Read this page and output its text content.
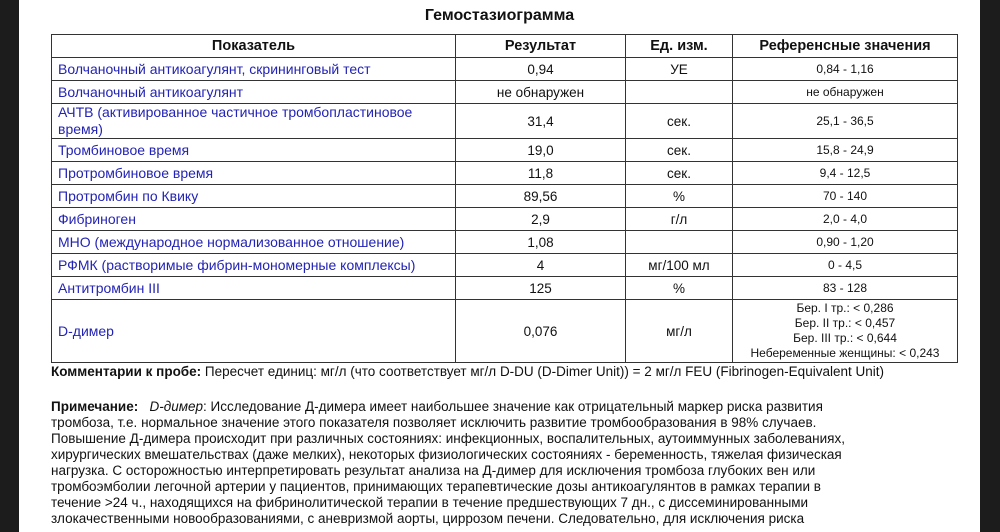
Гемостазиограмма
Показатель	Результат	Ед. изм.	Референсные значения
Волчаночный антикоагулянт, скрининговый тест	0,94	УЕ	0,84 - 1,16
Волчаночный антикоагулянт	не обнаружен		не обнаружен
АЧТВ (активированное частичное тромбопластиновое время)	31,4	сек.	25,1 - 36,5
Тромбиновое время	19,0	сек.	15,8 - 24,9
Протромбиновое время	11,8	сек.	9,4 - 12,5
Протромбин по Квику	89,56	%	70 - 140
Фибриноген	2,9	г/л	2,0 - 4,0
МНО (международное нормализованное отношение)	1,08		0,90 - 1,20
РФМК (растворимые фибрин-мономерные комплексы)	4	мг/100 мл	0 - 4,5
Антитромбин III	125	%	83 - 128
D-димер	0,076	мг/л	Бер. I тр.: < 0,286
Бер. II тр.: < 0,457
Бер. III тр.: < 0,644
Небеременные женщины: < 0,243
Комментарии к пробе: Пересчет единиц: мг/л (что соответствует мг/л D-DU (D-Dimer Unit)) = 2 мг/л FEU (Fibrinogen-Equivalent Unit)
Примечание: D-димер: Исследование Д-димера имеет наибольшее значение как отрицательный маркер риска развития
тромбоза, т.е. нормальное значение этого показателя позволяет исключить развитие тромбообразования в 98% случаев.
Повышение Д-димера происходит при различных состояниях: инфекционных, воспалительных, аутоиммунных заболеваниях,
хирургических вмешательствах (даже мелких), некоторых физиологических состояниях - беременность, тяжелая физическая
нагрузка. С осторожностью интерпретировать результат анализа на Д-димер для исключения тромбоза глубоких вен или
тромбоэмболии легочной артерии у пациентов, принимающих терапевтические дозы антикоагулянтов в рамках терапии в
течение >24 ч., находящихся на фибринолитической терапии в течение предшествующих 7 дн., с диссеминированными
злокачественными новообразованиями, с аневризмой аорты, циррозом печени. Следовательно, для исключения риска
